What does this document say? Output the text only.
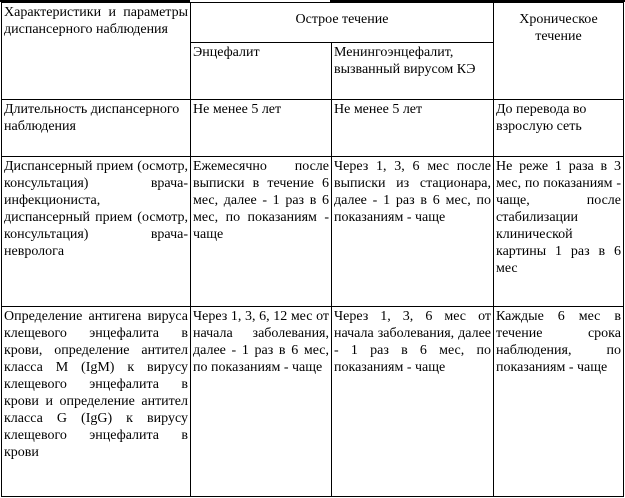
Характеристики и параметры диспансерного наблюдения	Острое течение		Хроническое течение
	Энцефалит	Менингоэнцефалит, вызванный вирусом КЭ	
Длительность диспансерного наблюдения	Не менее 5 лет	Не менее 5 лет	До перевода во взрослую сеть
Диспансерный прием (осмотр, консультация) врача-инфекциониста, диспансерный прием (осмотр, консультация) врача-невролога	Ежемесячно после выписки в течение 6 мес, далее - 1 раз в 6 мес, по показаниям - чаще	Через 1, 3, 6 мес после выписки из стационара, далее - 1 раз в 6 мес, по показаниям - чаще	Не реже 1 раза в 3 мес, по показаниям - чаще, после стабилизации клинической картины 1 раз в 6 мес
Определение антигена вируса клещевого энцефалита в крови, определение антител класса M (IgM) к вирусу клещевого энцефалита в крови и определение антител класса G (IgG) к вирусу клещевого энцефалита в крови	Через 1, 3, 6, 12 мес от начала заболевания, далее - 1 раз в 6 мес, по показаниям - чаще	Через 1, 3, 6 мес от начала заболевания, далее - 1 раз в 6 мес, по показаниям - чаще	Каждые 6 мес в течение срока наблюдения, по показаниям - чаще
